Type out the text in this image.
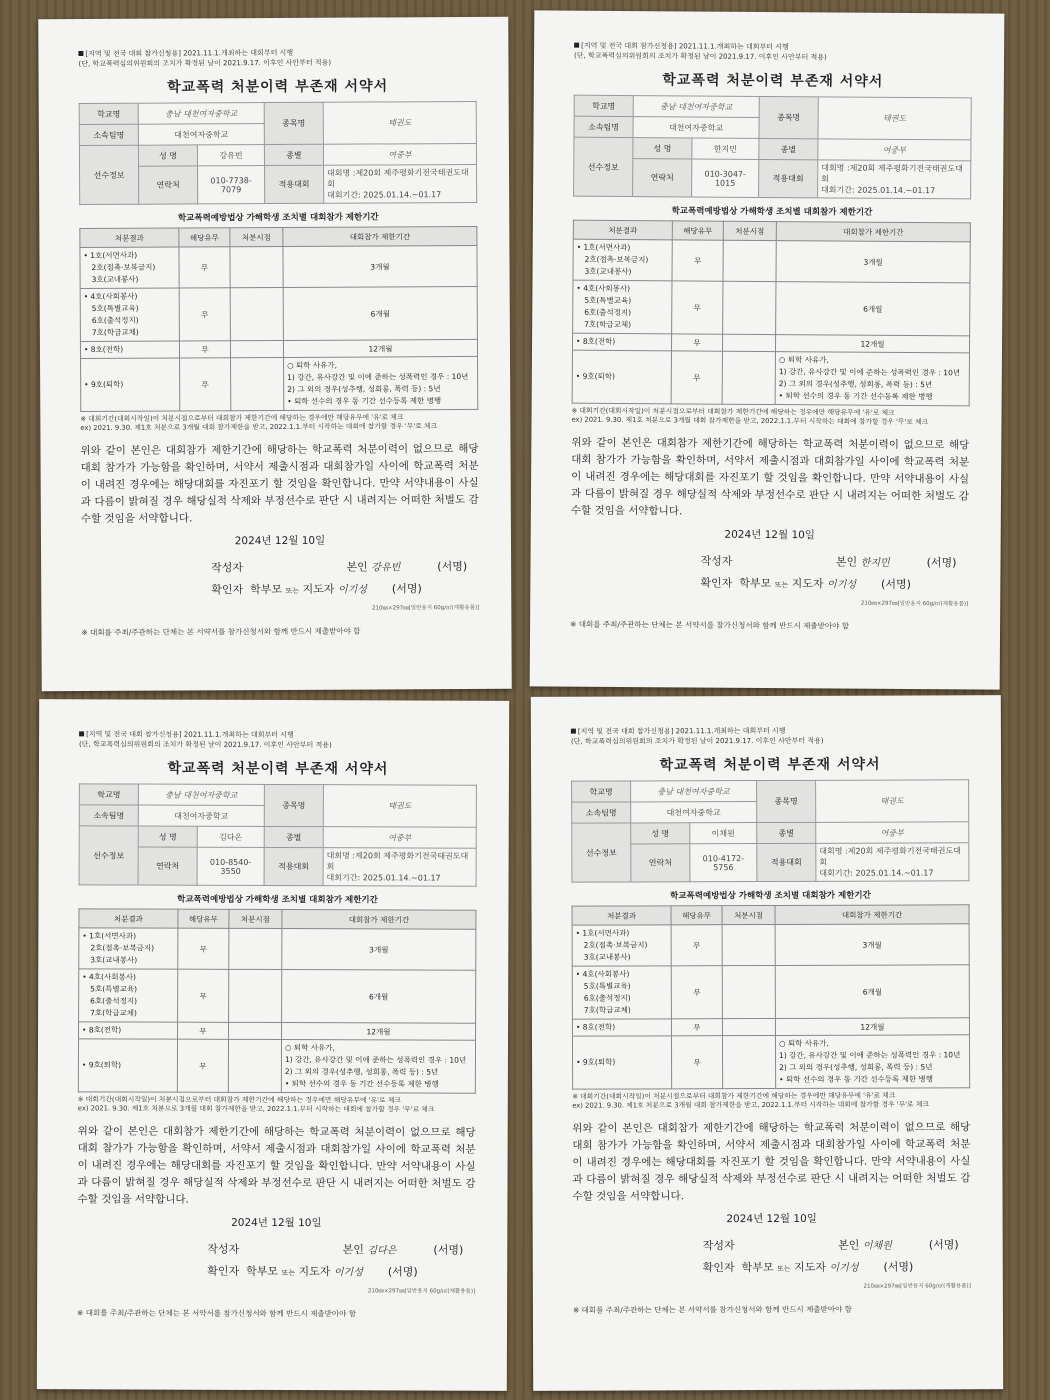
[지역 및 전국 대회 참가신청용] 2021.11.1.개최하는 대회부터 시행
(단, 학교폭력심의위원회의 조치가 확정된 날이 2021.9.17. 이후인 사안부터 적용)
학교폭력 처분이력 부존재 서약서
학교명	충남 대천여자중학교		종목명	태권도
소속팀명	대천여자중학교			
선수정보	성 명	강유빈	종별	여중부
	연락처	010-7738-7079	적용대회	대회명 :제20회 제주평화기전국태권도대회
대회기간: 2025.01.14.~01.17
학교폭력예방법상 가해학생 조치별 대회참가 제한기간
처분결과	해당유무	처분시점	대회참가 제한기간

• 1호(서면사과)
2호(접촉·보복금지)
3호(교내봉사)	무		3개월

• 4호(사회봉사)
5호(특별교육)
6호(출석정지)
7호(학급교체)	무		6개월

• 8호(전학)	무		12개월

• 9호(퇴학)	무		○ 퇴학 사유가,
1) 강간, 유사강간 및 이에 준하는 성폭력인 경우 : 10년
2) 그 외의 경우(성추행, 성희롱, 폭력 등) : 5년
• 퇴학 선수의 경우 동 기간 선수등록 제한 병행
※ 대회기간(대회시작일)이 처분시점으로부터 대회참가 제한기간에 해당하는 경우에만 해당유무에 '유'로 체크
ex) 2021. 9.30. 제1호 처분으로 3개월 대회 참가제한을 받고, 2022.1.1.부터 시작하는 대회에 참가할 경우 '무'로 체크
위와 같이 본인은 대회참가 제한기간에 해당하는 학교폭력 처분이력이 없으므로 해당 대회 참가가 가능함을 확인하며, 서약서 제출시점과 대회참가일 사이에 학교폭력 처분이 내려진 경우에는 해당대회를 자진포기 할 것임을 확인합니다. 만약 서약내용이 사실과 다름이 밝혀질 경우 해당실적 삭제와 부정선수로 판단 시 내려지는 어떠한 처벌도 감수할 것임을 서약합니다.
2024년 12월 10일
작성자	본인 강유빈	(서명)
확인자 학부모 또는 지도자 이기성 (서명)
210㎜×297㎜[일반용지 60g/㎡(재활용품)]
※ 대회를 주최/주관하는 단체는 본 서약서를 참가신청서와 함께 반드시 제출받아야 함
[지역 및 전국 대회 참가신청용] 2021.11.1.개최하는 대회부터 시행
(단, 학교폭력심의위원회의 조치가 확정된 날이 2021.9.17. 이후인 사안부터 적용)
학교폭력 처분이력 부존재 서약서
학교명	충남 대천여자중학교		종목명	태권도
소속팀명	대천여자중학교			
선수정보	성 명	한지민	종별	여중부
	연락처	010-3047-1015	적용대회	대회명 :제20회 제주평화기전국태권도대회
대회기간: 2025.01.14.~01.17
학교폭력예방법상 가해학생 조치별 대회참가 제한기간
처분결과	해당유무	처분시점	대회참가 제한기간

• 1호(서면사과)
2호(접촉·보복금지)
3호(교내봉사)	무		3개월

• 4호(사회봉사)
5호(특별교육)
6호(출석정지)
7호(학급교체)	무		6개월

• 8호(전학)	무		12개월

• 9호(퇴학)	무		○ 퇴학 사유가,
1) 강간, 유사강간 및 이에 준하는 성폭력인 경우 : 10년
2) 그 외의 경우(성추행, 성희롱, 폭력 등) : 5년
• 퇴학 선수의 경우 동 기간 선수등록 제한 병행
※ 대회기간(대회시작일)이 처분시점으로부터 대회참가 제한기간에 해당하는 경우에만 해당유무에 '유'로 체크
ex) 2021. 9.30. 제1호 처분으로 3개월 대회 참가제한을 받고, 2022.1.1.부터 시작하는 대회에 참가할 경우 '무'로 체크
위와 같이 본인은 대회참가 제한기간에 해당하는 학교폭력 처분이력이 없으므로 해당 대회 참가가 가능함을 확인하며, 서약서 제출시점과 대회참가일 사이에 학교폭력 처분이 내려진 경우에는 해당대회를 자진포기 할 것임을 확인합니다. 만약 서약내용이 사실과 다름이 밝혀질 경우 해당실적 삭제와 부정선수로 판단 시 내려지는 어떠한 처벌도 감수할 것임을 서약합니다.
2024년 12월 10일
작성자	본인 한지민	(서명)
확인자 학부모 또는 지도자 이기성 (서명)
210㎜×297㎜[일반용지 60g/㎡(재활용품)]
※ 대회를 주최/주관하는 단체는 본 서약서를 참가신청서와 함께 반드시 제출받아야 함
[지역 및 전국 대회 참가신청용] 2021.11.1.개최하는 대회부터 시행
(단, 학교폭력심의위원회의 조치가 확정된 날이 2021.9.17. 이후인 사안부터 적용)
학교폭력 처분이력 부존재 서약서
학교명	충남 대천여자중학교		종목명	태권도
소속팀명	대천여자중학교			
선수정보	성 명	김다은	종별	여중부
	연락처	010-8540-3550	적용대회	대회명 :제20회 제주평화기전국태권도대회
대회기간: 2025.01.14.~01.17
학교폭력예방법상 가해학생 조치별 대회참가 제한기간
처분결과	해당유무	처분시점	대회참가 제한기간

• 1호(서면사과)
2호(접촉·보복금지)
3호(교내봉사)	무		3개월

• 4호(사회봉사)
5호(특별교육)
6호(출석정지)
7호(학급교체)	무		6개월

• 8호(전학)	무		12개월

• 9호(퇴학)	무		○ 퇴학 사유가,
1) 강간, 유사강간 및 이에 준하는 성폭력인 경우 : 10년
2) 그 외의 경우(성추행, 성희롱, 폭력 등) : 5년
• 퇴학 선수의 경우 동 기간 선수등록 제한 병행
※ 대회기간(대회시작일)이 처분시점으로부터 대회참가 제한기간에 해당하는 경우에만 해당유무에 '유'로 체크
ex) 2021. 9.30. 제1호 처분으로 3개월 대회 참가제한을 받고, 2022.1.1.부터 시작하는 대회에 참가할 경우 '무'로 체크
위와 같이 본인은 대회참가 제한기간에 해당하는 학교폭력 처분이력이 없으므로 해당 대회 참가가 가능함을 확인하며, 서약서 제출시점과 대회참가일 사이에 학교폭력 처분이 내려진 경우에는 해당대회를 자진포기 할 것임을 확인합니다. 만약 서약내용이 사실과 다름이 밝혀질 경우 해당실적 삭제와 부정선수로 판단 시 내려지는 어떠한 처벌도 감수할 것임을 서약합니다.
2024년 12월 10일
작성자	본인 김다은	(서명)
확인자 학부모 또는 지도자 이기성 (서명)
210㎜×297㎜[일반용지 60g/㎡(재활용품)]
※ 대회를 주최/주관하는 단체는 본 서약서를 참가신청서와 함께 반드시 제출받아야 함
[지역 및 전국 대회 참가신청용] 2021.11.1.개최하는 대회부터 시행
(단, 학교폭력심의위원회의 조치가 확정된 날이 2021.9.17. 이후인 사안부터 적용)
학교폭력 처분이력 부존재 서약서
학교명	충남 대천여자중학교		종목명	태권도
소속팀명	대천여자중학교			
선수정보	성 명	이채원	종별	여중부
	연락처	010-4172-5756	적용대회	대회명 :제20회 제주평화기전국태권도대회
대회기간: 2025.01.14.~01.17
학교폭력예방법상 가해학생 조치별 대회참가 제한기간
처분결과	해당유무	처분시점	대회참가 제한기간

• 1호(서면사과)
2호(접촉·보복금지)
3호(교내봉사)	무		3개월

• 4호(사회봉사)
5호(특별교육)
6호(출석정지)
7호(학급교체)	무		6개월

• 8호(전학)	무		12개월

• 9호(퇴학)	무		○ 퇴학 사유가,
1) 강간, 유사강간 및 이에 준하는 성폭력인 경우 : 10년
2) 그 외의 경우(성추행, 성희롱, 폭력 등) : 5년
• 퇴학 선수의 경우 동 기간 선수등록 제한 병행
※ 대회기간(대회시작일)이 처분시점으로부터 대회참가 제한기간에 해당하는 경우에만 해당유무에 '유'로 체크
ex) 2021. 9.30. 제1호 처분으로 3개월 대회 참가제한을 받고, 2022.1.1.부터 시작하는 대회에 참가할 경우 '무'로 체크
위와 같이 본인은 대회참가 제한기간에 해당하는 학교폭력 처분이력이 없으므로 해당 대회 참가가 가능함을 확인하며, 서약서 제출시점과 대회참가일 사이에 학교폭력 처분이 내려진 경우에는 해당대회를 자진포기 할 것임을 확인합니다. 만약 서약내용이 사실과 다름이 밝혀질 경우 해당실적 삭제와 부정선수로 판단 시 내려지는 어떠한 처벌도 감수할 것임을 서약합니다.
2024년 12월 10일
작성자	본인 이채원	(서명)
확인자 학부모 또는 지도자 이기성 (서명)
210㎜×297㎜[일반용지 60g/㎡(재활용품)]
※ 대회를 주최/주관하는 단체는 본 서약서를 참가신청서와 함께 반드시 제출받아야 함
